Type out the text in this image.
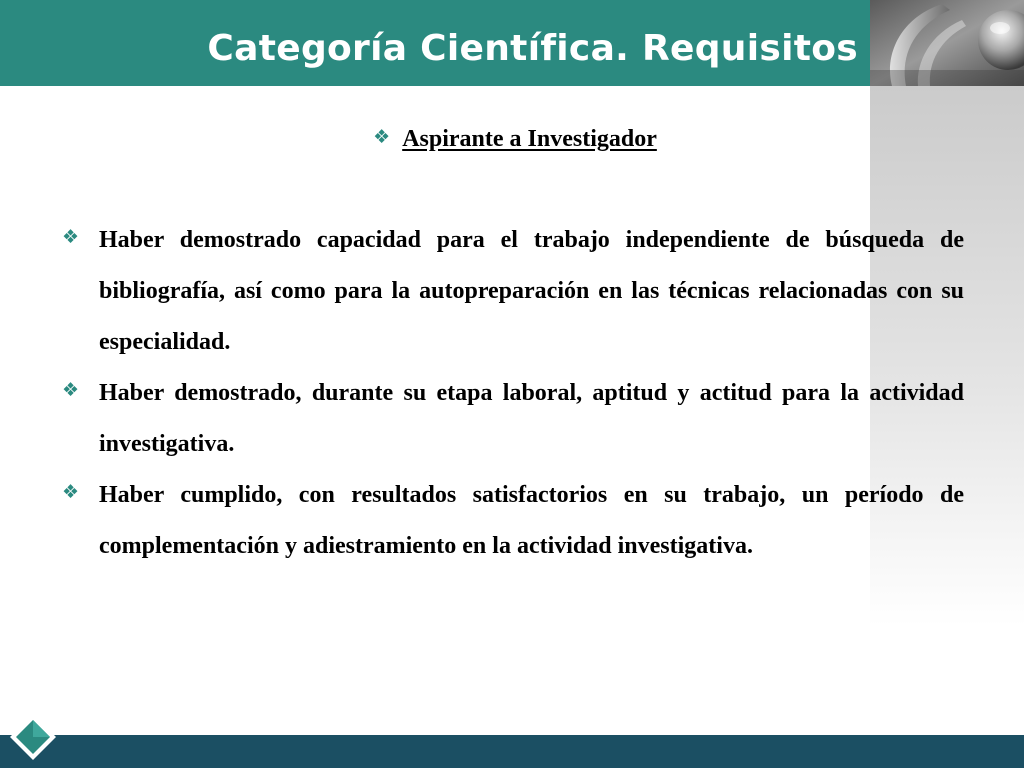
Categoría Científica. Requisitos
❖ Aspirante a Investigador
❖ Haber demostrado capacidad para el trabajo independiente de búsqueda de bibliografía, así como para la autopreparación en las técnicas relacionadas con su especialidad.
❖ Haber demostrado, durante su etapa laboral, aptitud y actitud para la actividad investigativa.
❖ Haber cumplido, con resultados satisfactorios en su trabajo, un período de complementación y adiestramiento en la actividad investigativa.
